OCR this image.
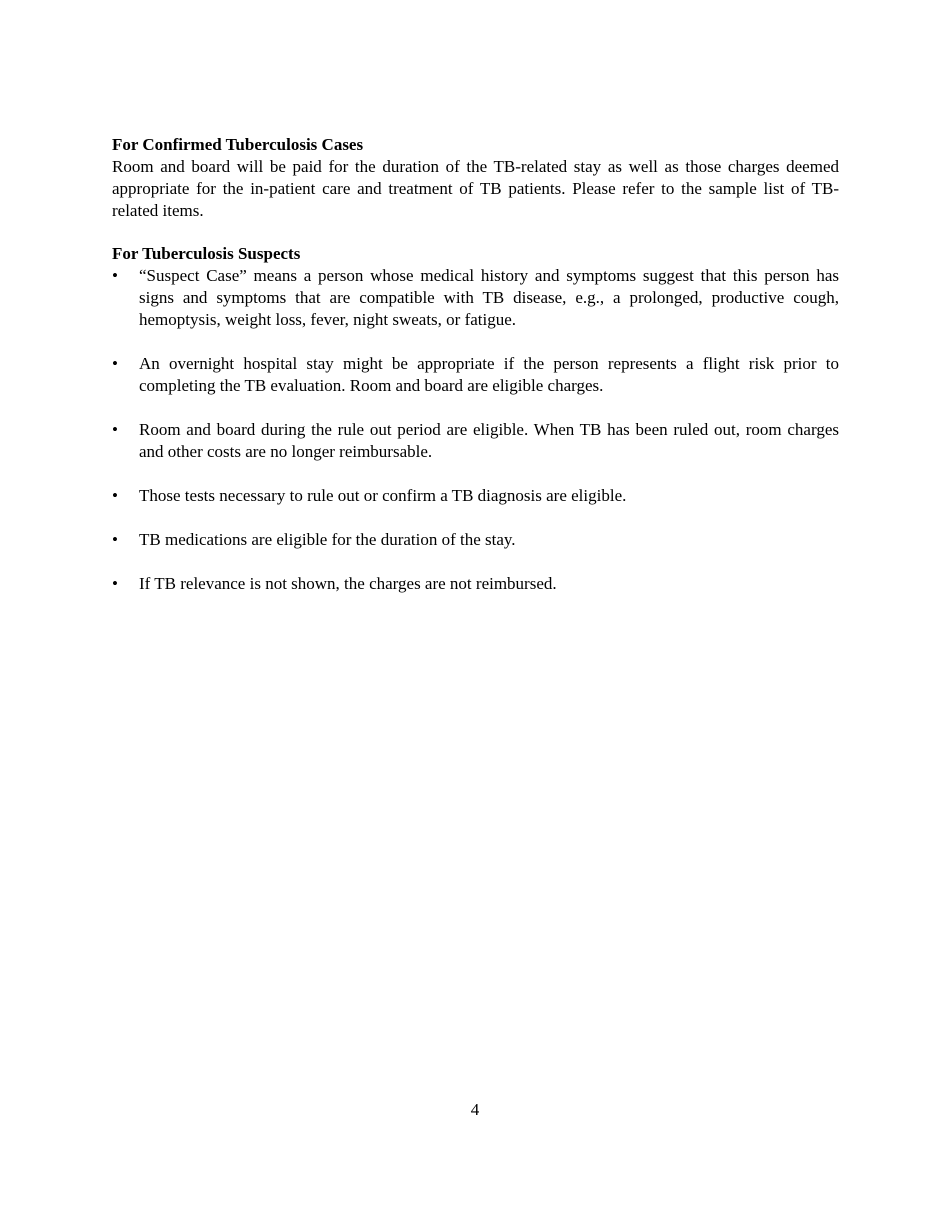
For Confirmed Tuberculosis Cases

Room and board will be paid for the duration of the TB-related stay as well as those charges deemed appropriate for the in-patient care and treatment of TB patients. Please refer to the sample list of TB-related items.

For Tuberculosis Suspects

•	“Suspect Case” means a person whose medical history and symptoms suggest that this person has signs and symptoms that are compatible with TB disease, e.g., a prolonged, productive cough, hemoptysis, weight loss, fever, night sweats, or fatigue.
•	An overnight hospital stay might be appropriate if the person represents a flight risk prior to completing the TB evaluation. Room and board are eligible charges.
•	Room and board during the rule out period are eligible. When TB has been ruled out, room charges and other costs are no longer reimbursable.
•	Those tests necessary to rule out or confirm a TB diagnosis are eligible.
•	TB medications are eligible for the duration of the stay.
•	If TB relevance is not shown, the charges are not reimbursed.
4
